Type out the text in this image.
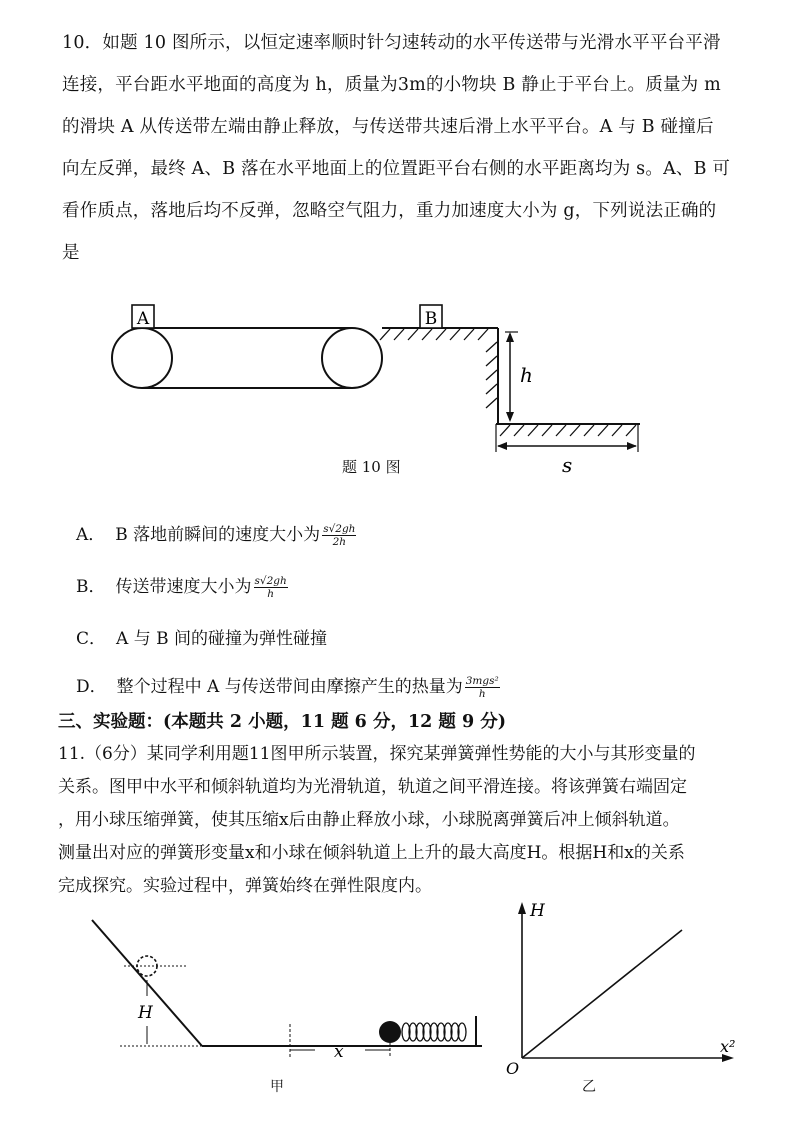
10．如题 10 图所示，以恒定速率顺时针匀速转动的水平传送带与光滑水平平台平滑

连接，平台距水平地面的高度为 h，质量为3m的小物块 B 静止于平台上。质量为 m

的滑块 A 从传送带左端由静止释放，与传送带共速后滑上水平平台。A 与 B 碰撞后

向左反弹，最终 A、B 落在水平地面上的位置距平台右侧的水平距离均为 s。A、B 可

看作质点，落地后均不反弹，忽略空气阻力，重力加速度大小为 g，下列说法正确的

是

A	B
h
s
题 10 图
A． B 落地前瞬间的速度大小为 $\frac{s√2gh}{2h}$
B． 传送带速度大小为 $\frac{s√2gh}{h}$
C． A 与 B 间的碰撞为弹性碰撞
D． 整个过程中 A 与传送带间由摩擦产生的热量为 $\frac{\text{3mgs²}}{h}$
三、实验题：(本题共 2 小题，11 题 6 分，12 题 9 分)

11.（6分）某同学利用题11图甲所示装置，探究某弹簧弹性势能的大小与其形变量的

关系。图甲中水平和倾斜轨道均为光滑轨道，轨道之间平滑连接。将该弹簧右端固定

，用小球压缩弹簧，使其压缩x后由静止释放小球，小球脱离弹簧后冲上倾斜轨道。

测量出对应的弹簧形变量x和小球在倾斜轨道上上升的最大高度H。根据H和x的关系

完成探究。实验过程中，弹簧始终在弹性限度内。

H
x
甲
H
x²
O
乙
